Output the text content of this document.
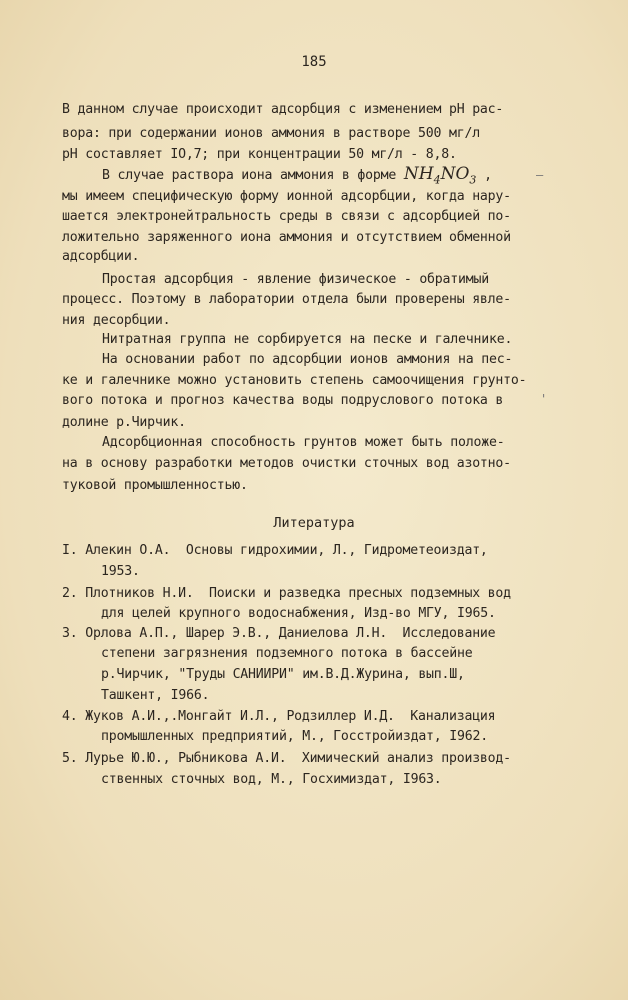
185
В данном случае происходит адсорбция с изменением pH рас-
вора: при содержании ионов аммония в растворе 500 мг/л
pH составляет IO,7; при концентрации 50 мг/л - 8,8.
В случае раствора иона аммония в форме $NH_4NO_3$ ,	–
мы имеем специфическую форму ионной адсорбции, когда нару-
шается электронейтральность среды в связи с адсорбцией по-
ложительно заряженного иона аммония и отсутствием обменной
адсорбции.
Простая адсорбция - явление физическое - обратимый
процесс. Поэтому в лаборатории отдела были проверены явле-
ния десорбции.
Нитратная группа не сорбируется на песке и галечнике.
На основании работ по адсорбции ионов аммония на пес-
ке и галечнике можно установить степень самоочищения грунто-
вого потока и прогноз качества воды подруслового потока в	'
долине р.Чирчик.
Адсорбционная способность грунтов может быть положе-
на в основу разработки методов очистки сточных вод азотно-
туковой промышленностью.
Литература
I. Алекин О.А.  Основы гидрохимии, Л., Гидрометеоиздат,
1953.
2. Плотников Н.И.  Поиски и разведка пресных подземных вод
для целей крупного водоснабжения, Изд-во МГУ, I965.
3. Орлова А.П., Шарер Э.В., Даниелова Л.Н.  Исследование
степени загрязнения подземного потока в бассейне
р.Чирчик, "Труды САНИИРИ" им.В.Д.Журина, вып.Ш,
Ташкент, I966.
4. Жуков А.И.,.Монгайт И.Л., Родзиллер И.Д.  Канализация
промышленных предприятий, М., Госстройиздат, I962.
5. Лурье Ю.Ю., Рыбникова А.И.  Химический анализ производ-
ственных сточных вод, М., Госхимиздат, I963.
